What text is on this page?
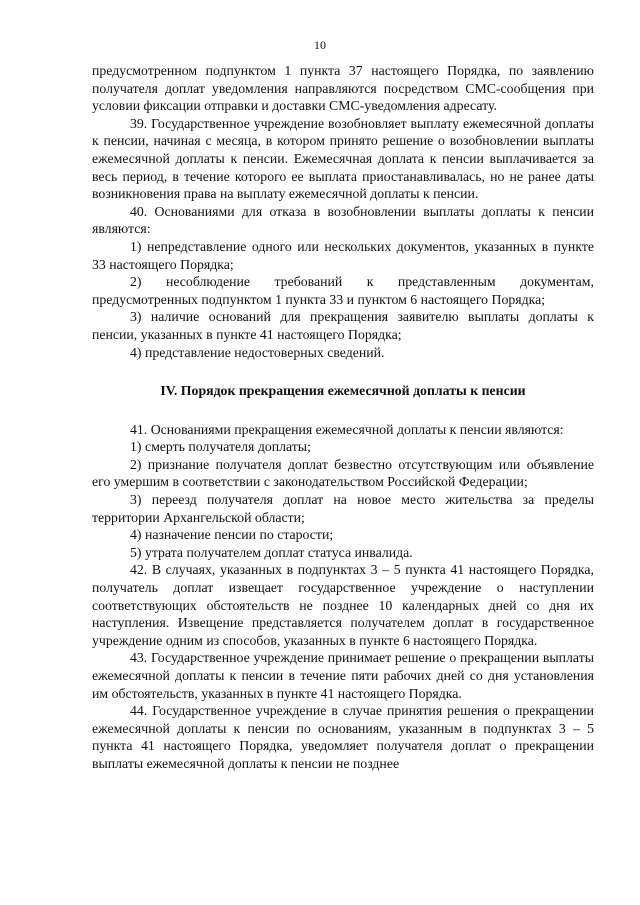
10

предусмотренном подпунктом 1 пункта 37 настоящего Порядка, по заявлению получателя доплат уведомления направляются посредством СМС-сообщения при условии фиксации отправки и доставки СМС-уведомления адресату.

39. Государственное учреждение возобновляет выплату ежемесячной доплаты к пенсии, начиная с месяца, в котором принято решение о возобновлении выплаты ежемесячной доплаты к пенсии. Ежемесячная доплата к пенсии выплачивается за весь период, в течение которого ее выплата приостанавливалась, но не ранее даты возникновения права на выплату ежемесячной доплаты к пенсии.

40. Основаниями для отказа в возобновлении выплаты доплаты к пенсии являются:

1) непредставление одного или нескольких документов, указанных в пункте 33 настоящего Порядка;

2) несоблюдение требований к представленным документам, предусмотренных подпунктом 1 пункта 33 и пунктом 6 настоящего Порядка;

3) наличие оснований для прекращения заявителю выплаты доплаты к пенсии, указанных в пункте 41 настоящего Порядка;

4) представление недостоверных сведений.

IV. Порядок прекращения ежемесячной доплаты к пенсии

41. Основаниями прекращения ежемесячной доплаты к пенсии являются:

1) смерть получателя доплаты;

2) признание получателя доплат безвестно отсутствующим или объявление его умершим в соответствии с законодательством Российской Федерации;

3) переезд получателя доплат на новое место жительства за пределы территории Архангельской области;

4) назначение пенсии по старости;

5) утрата получателем доплат статуса инвалида.

42. В случаях, указанных в подпунктах 3 – 5 пункта 41 настоящего Порядка, получатель доплат извещает государственное учреждение о наступлении соответствующих обстоятельств не позднее 10 календарных дней со дня их наступления. Извещение представляется получателем доплат в государственное учреждение одним из способов, указанных в пункте 6 настоящего Порядка.

43. Государственное учреждение принимает решение о прекращении выплаты ежемесячной доплаты к пенсии в течение пяти рабочих дней со дня установления им обстоятельств, указанных в пункте 41 настоящего Порядка.

44. Государственное учреждение в случае принятия решения о прекращении ежемесячной доплаты к пенсии по основаниям, указанным в подпунктах 3 – 5 пункта 41 настоящего Порядка, уведомляет получателя доплат о прекращении выплаты ежемесячной доплаты к пенсии не позднее
